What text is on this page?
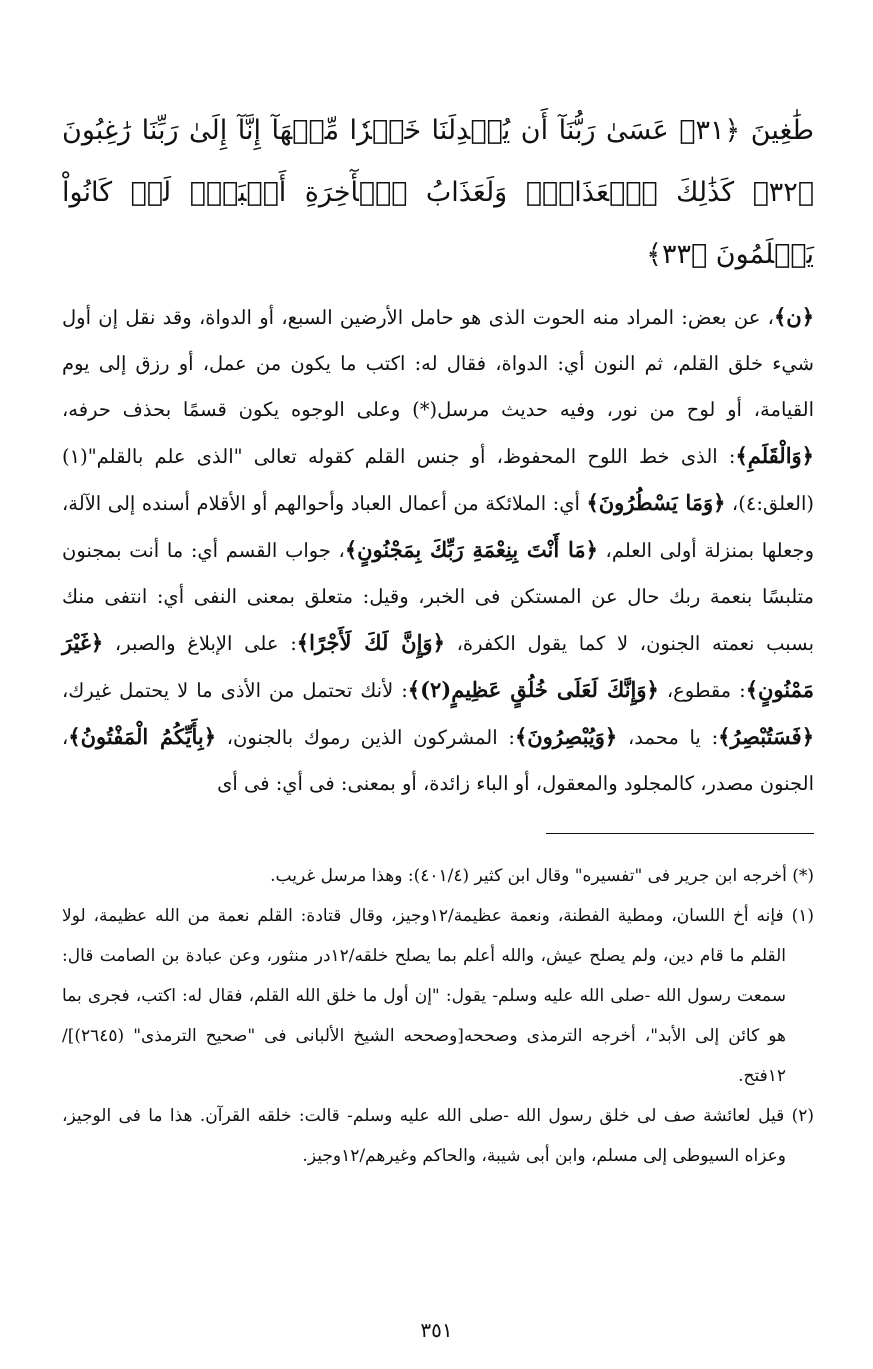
طَٰغِينَ ﴿٣١﴾ عَسَىٰ رَبُّنَآ أَن يُبۡدِلَنَا خَيۡرٗا مِّنۡهَآ إِنَّآ إِلَىٰ رَبِّنَا رَٰغِبُونَ ﴿٣٢﴾ كَذَٰلِكَ ٱلۡعَذَابُۖ وَلَعَذَابُ ٱلۡأٓخِرَةِ أَكۡبَرُۚ لَوۡ كَانُواْ يَعۡلَمُونَ ﴿٣٣﴾

﴿ن﴾، عن بعض: المراد منه الحوت الذى هو حامل الأرضين السبع، أو الدواة، وقد نقل إن أول شيء خلق القلم، ثم النون أي: الدواة، فقال له: اكتب ما يكون من عمل، أو رزق إلى يوم القيامة، أو لوح من نور، وفيه حديث مرسل(*) وعلى الوجوه يكون قسمًا بحذف حرفه، ﴿وَالْقَلَمِ﴾: الذى خط اللوح المحفوظ، أو جنس القلم كقوله تعالى "الذى علم بالقلم"(١)(العلق:٤)، ﴿وَمَا يَسْطُرُونَ﴾ أي: الملائكة من أعمال العباد وأحوالهم أو الأقلام أسنده إلى الآلة، وجعلها بمنزلة أولى العلم، ﴿مَا أَنْتَ بِنِعْمَةِ رَبِّكَ بِمَجْنُونٍ﴾، جواب القسم أي: ما أنت بمجنون متلبسًا بنعمة ربك حال عن المستكن فى الخبر، وقيل: متعلق بمعنى النفى أي: انتفى منك بسبب نعمته الجنون، لا كما يقول الكفرة، ﴿وَإِنَّ لَكَ لَأَجْرًا﴾: على الإبلاغ والصبر، ﴿غَيْرَ مَمْنُونٍ﴾: مقطوع، ﴿وَإِنَّكَ لَعَلَى خُلُقٍ عَظِيمٍ(٢)﴾: لأنك تحتمل من الأذى ما لا يحتمل غيرك، ﴿فَسَتُبْصِرُ﴾: يا محمد، ﴿وَيُبْصِرُونَ﴾: المشركون الذين رموك بالجنون، ﴿بِأَيِّكُمُ الْمَفْتُونُ﴾، الجنون مصدر، كالمجلود والمعقول، أو الباء زائدة، أو بمعنى: فى أي: فى أى
(*) أخرجه ابن جرير فى "تفسيره" وقال ابن كثير (٤٠١/٤): وهذا مرسل غريب.
(١) فإنه أخ اللسان، ومطية الفطنة، ونعمة عظيمة/١٢وجيز، وقال قتادة: القلم نعمة من الله عظيمة، لولا القلم ما قام دين، ولم يصلح عيش، والله أعلم بما يصلح خلقه/١٢در منثور، وعن عبادة بن الصامت قال: سمعت رسول الله -صلى الله عليه وسلم- يقول: "إن أول ما خلق الله القلم، فقال له: اكتب، فجرى بما هو كائن إلى الأبد"، أخرجه الترمذى وصححه[وصححه الشيخ الألبانى فى "صحيح الترمذى" (٢٦٤٥)]/١٢فتح.
(٢) قيل لعائشة صف لى خلق رسول الله -صلى الله عليه وسلم- قالت: خلقه القرآن. هذا ما فى الوجيز، وعزاه السيوطى إلى مسلم، وابن أبى شيبة، والحاكم وغيرهم/١٢وجيز.
٣٥١
